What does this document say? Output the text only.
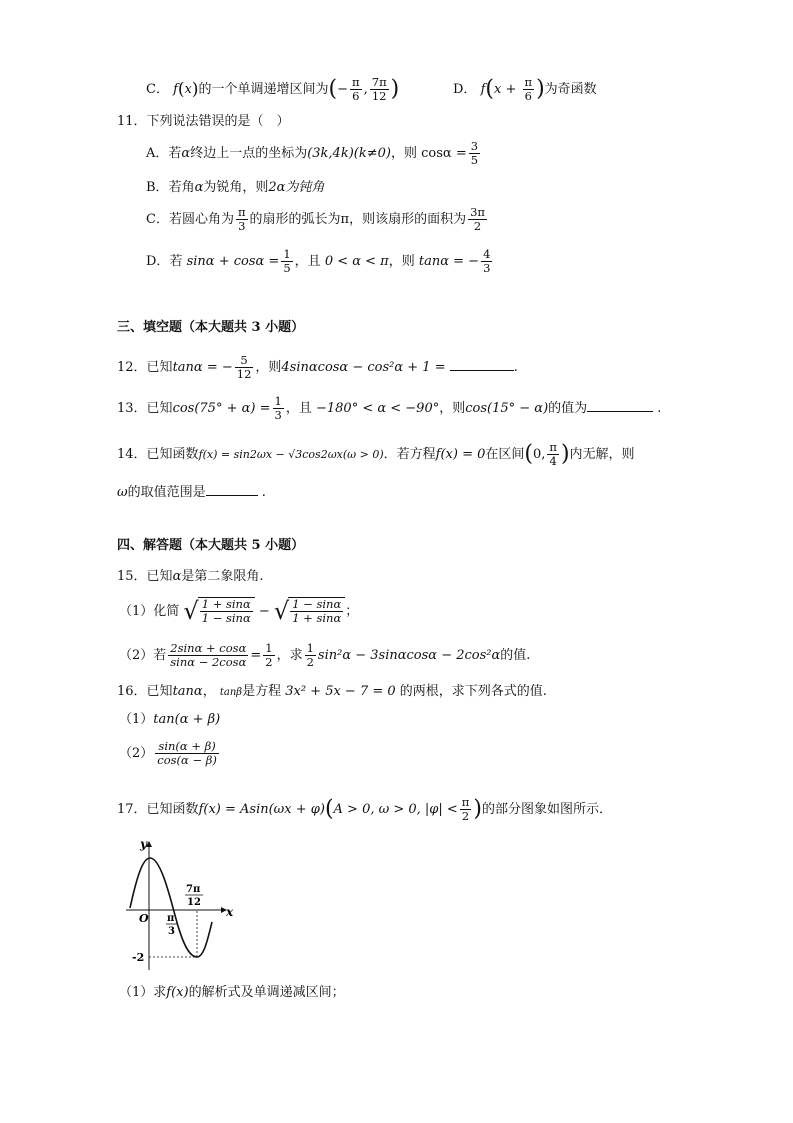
C． f(x)的一个单调递增区间为(− $\frac{\pi}{6}$ , $\frac{7\pi}{12}$ )	D． $f(x + \frac{\pi}{6}$ )为奇函数
11．下列说法错误的是（　）
A．若α终边上一点的坐标为(3k,4k)(k≠0)，则 $\cos\alpha = \frac{3}{5}$
B．若角α为锐角，则2α为钝角
C．若圆心角为 $\frac{\pi}{3}$ 的扇形的弧长为π，则该扇形的面积为 $\frac{3\pi}{2}$
D．若 $\sin\alpha + \cos\alpha = \frac{1}{5}$ ，且 0 < α < π，则 tanα = − $\frac{4}{3}$
三、填空题（本大题共 3 小题）
12．已知tanα = − $\frac{5}{12}$ ，则4sinαcosα − cos²α + 1 =	.
13．已知$\cos(75^\circ + \alpha) = \frac{1}{3}$ ，且 −180° < α < −90°，则cos(15° − α)的值为	.
14．已知函数f(x) = sin2ωx − √3cos2ωx(ω > 0)．若方程f(x) = 0在区间(0, $\frac{\pi}{4}$ )内无解，则
ω的取值范围是	.
四、解答题（本大题共 5 小题）
15．已知α是第二象限角.
（1）化简 √ $\frac{1 + \sin\alpha}{1 - \sin\alpha}$ − √ $\frac{1 - \sin\alpha}{1 + \sin\alpha}$ ；
（2）若 $\frac{2\sin\alpha + \cos\alpha}{\sin\alpha - 2\cos\alpha} = \frac{1}{2}$ ，求 $\frac{1}{2} \sin^2\alpha - 3\sin\alpha\cos\alpha - 2\cos^2\alpha$的值.
16．已知tanα， tanβ是方程 3x² + 5x − 7 = 0 的两根，求下列各式的值.
（1）tan(α + β)
$(2) \frac{\sin(\alpha + \beta)}{\cos(\alpha - \beta)}$
17．已知函数f(x) = Asin(ωx + φ)(A > 0, ω > 0, $|\varphi| < \frac{\pi}{2}$ )的部分图象如图所示．
y
x
O π
3
7π
12
-2
（1）求f(x)的解析式及单调递减区间；
